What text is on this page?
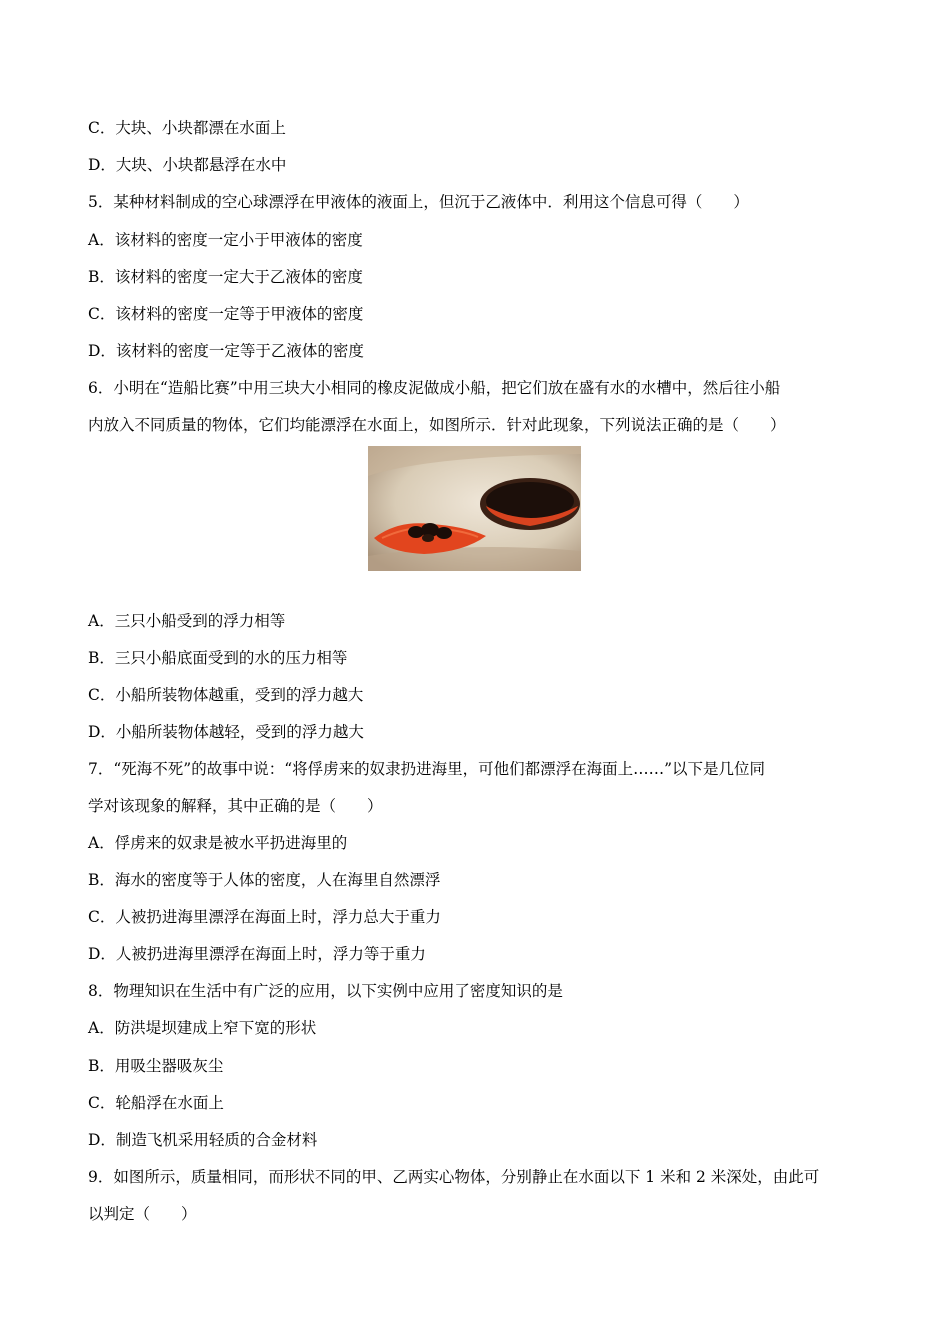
C．大块、小块都漂在水面上
D．大块、小块都悬浮在水中
5．某种材料制成的空心球漂浮在甲液体的液面上，但沉于乙液体中．利用这个信息可得（　　）
A．该材料的密度一定小于甲液体的密度
B．该材料的密度一定大于乙液体的密度
C．该材料的密度一定等于甲液体的密度
D．该材料的密度一定等于乙液体的密度
6．小明在“造船比赛”中用三块大小相同的橡皮泥做成小船，把它们放在盛有水的水槽中，然后往小船
内放入不同质量的物体，它们均能漂浮在水面上，如图所示．针对此现象，下列说法正确的是（　　）
A．三只小船受到的浮力相等
B．三只小船底面受到的水的压力相等
C．小船所装物体越重，受到的浮力越大
D．小船所装物体越轻，受到的浮力越大
7．“死海不死”的故事中说：“将俘虏来的奴隶扔进海里，可他们都漂浮在海面上……”以下是几位同
学对该现象的解释，其中正确的是（　　）
A．俘虏来的奴隶是被水平扔进海里的
B．海水的密度等于人体的密度，人在海里自然漂浮
C．人被扔进海里漂浮在海面上时，浮力总大于重力
D．人被扔进海里漂浮在海面上时，浮力等于重力
8．物理知识在生活中有广泛的应用，以下实例中应用了密度知识的是
A．防洪堤坝建成上窄下宽的形状
B．用吸尘器吸灰尘
C．轮船浮在水面上
D．制造飞机采用轻质的合金材料
9．如图所示，质量相同，而形状不同的甲、乙两实心物体，分别静止在水面以下 1 米和 2 米深处，由此可
以判定（　　）
